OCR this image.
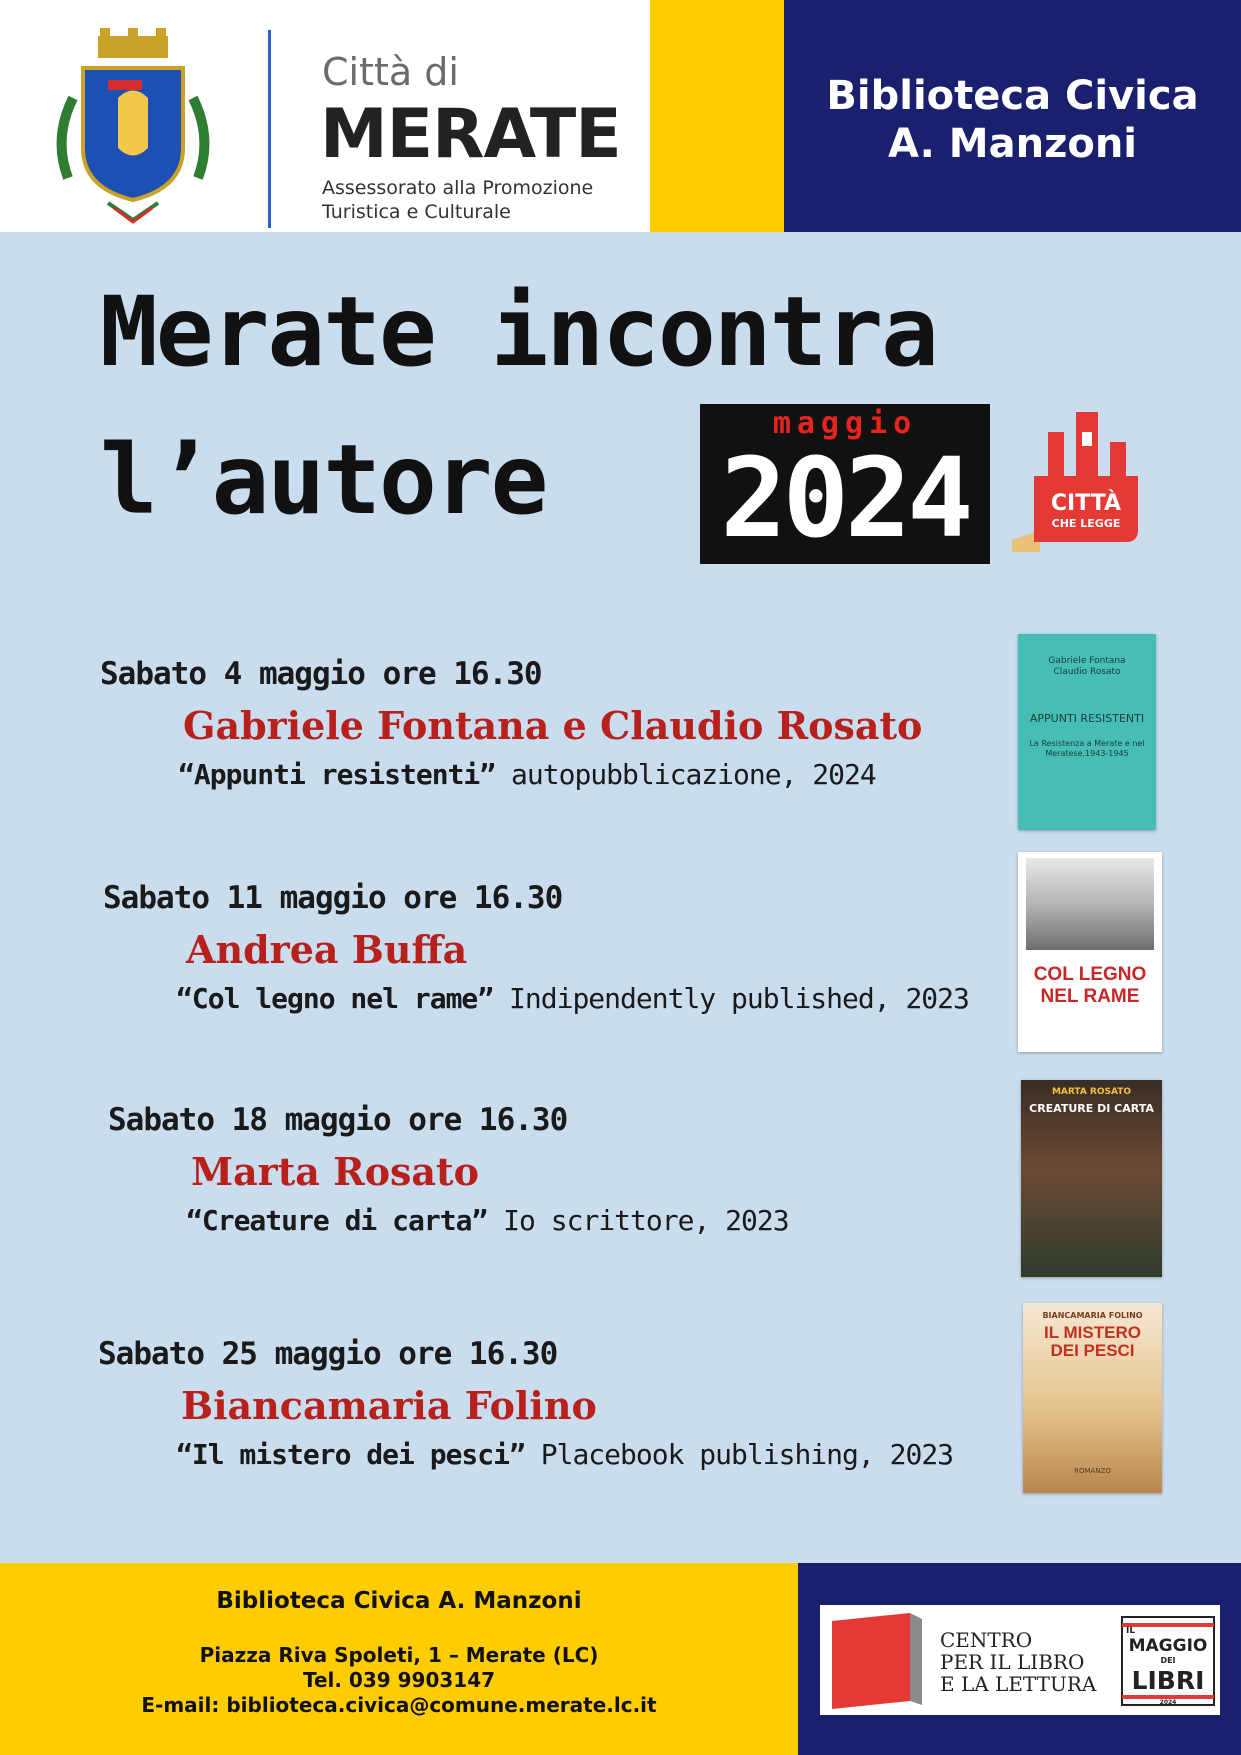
Biblioteca Civica
A. Manzoni
Città di
MERATE
Assessorato alla Promozione
Turistica e Culturale
Merate incontra
l’autore
maggio
2024	CITTÀ
CHE LEGGE
Sabato 4 maggio ore 16.30
Gabriele Fontana e Claudio Rosato
“Appunti resistenti” autopubblicazione, 2024
Gabriele Fontana
Claudio Rosato
APPUNTI RESISTENTI
La Resistenza a Merate e nel
Meratese,1943-1945
Sabato 11 maggio ore 16.30
Andrea Buffa
“Col legno nel rame” Indipendently published, 2023
COL LEGNO
NEL RAME
Sabato 18 maggio ore 16.30
Marta Rosato
“Creature di carta” Io scrittore, 2023
MARTA ROSATO
CREATURE DI CARTA
Sabato 25 maggio ore 16.30
Biancamaria Folino
“Il mistero dei pesci” Placebook publishing, 2023
BIANCAMARIA FOLINO
IL MISTERO
DEI PESCI
ROMANZO
Biblioteca Civica A. Manzoni
Piazza Riva Spoleti, 1 – Merate (LC)
Tel. 039 9903147
E-mail: biblioteca.civica@comune.merate.lc.it
CENTRO
PER IL LIBRO
E LA LETTURA
IL
MAGGIO
DEI
LIBRI
2024
